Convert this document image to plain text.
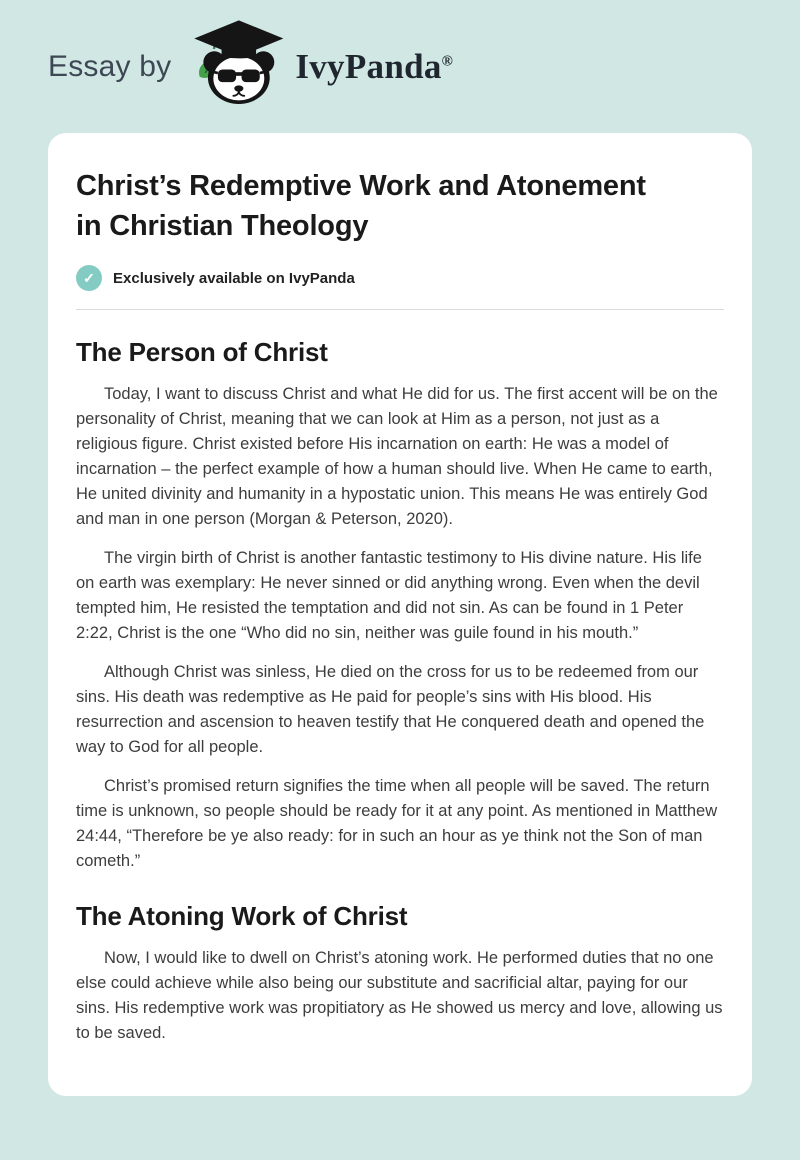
Essay by	IvyPanda®
Christ’s Redemptive Work and Atonement in Christian Theology
✓	Exclusively available on IvyPanda
The Person of Christ

Today, I want to discuss Christ and what He did for us. The first accent will be on the personality of Christ, meaning that we can look at Him as a person, not just as a religious figure. Christ existed before His incarnation on earth: He was a model of incarnation – the perfect example of how a human should live. When He came to earth, He united divinity and humanity in a hypostatic union. This means He was entirely God and man in one person (Morgan & Peterson, 2020).

The virgin birth of Christ is another fantastic testimony to His divine nature. His life on earth was exemplary: He never sinned or did anything wrong. Even when the devil tempted him, He resisted the temptation and did not sin. As can be found in 1 Peter 2:22, Christ is the one “Who did no sin, neither was guile found in his mouth.”

Although Christ was sinless, He died on the cross for us to be redeemed from our sins. His death was redemptive as He paid for people’s sins with His blood. His resurrection and ascension to heaven testify that He conquered death and opened the way to God for all people.

Christ’s promised return signifies the time when all people will be saved. The return time is unknown, so people should be ready for it at any point. As mentioned in Matthew 24:44, “Therefore be ye also ready: for in such an hour as ye think not the Son of man cometh.”

The Atoning Work of Christ

Now, I would like to dwell on Christ’s atoning work. He performed duties that no one else could achieve while also being our substitute and sacrificial altar, paying for our sins. His redemptive work was propitiatory as He showed us mercy and love, allowing us to be saved.
